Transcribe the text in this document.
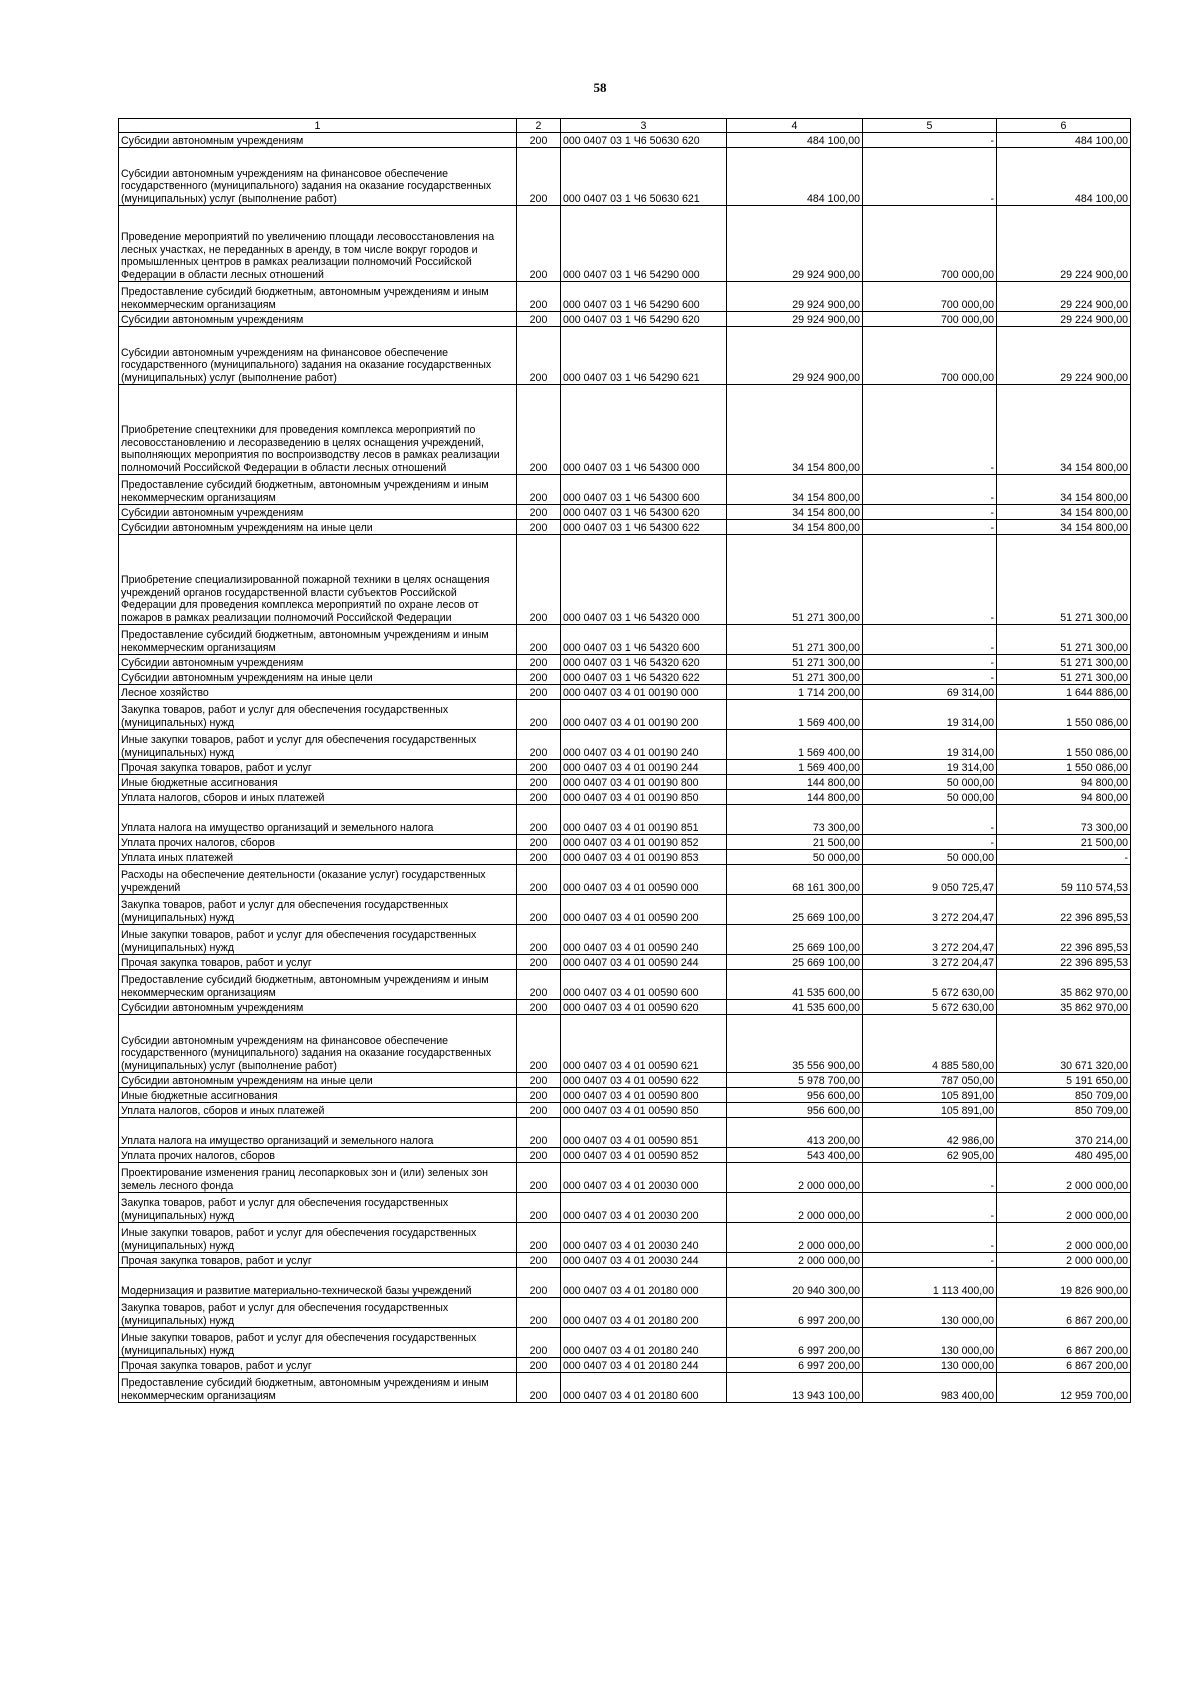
58
1	2	3	4	5	6

Субсидии автономным учреждениям	200	000 0407 03 1 Ч6 50630 620	484 100,00	-	484 100,00

Субсидии автономным учреждениям на финансовое обеспечение государственного (муниципального) задания на оказание государственных (муниципальных) услуг (выполнение работ)	200	000 0407 03 1 Ч6 50630 621	484 100,00	-	484 100,00

Проведение мероприятий по увеличению площади лесовосстановления на лесных участках, не переданных в аренду, в том числе вокруг городов и промышленных центров в рамках реализации полномочий Российской Федерации в области лесных отношений	200	000 0407 03 1 Ч6 54290 000	29 924 900,00	700 000,00	29 224 900,00

Предоставление субсидий бюджетным, автономным учреждениям и иным некоммерческим организациям	200	000 0407 03 1 Ч6 54290 600	29 924 900,00	700 000,00	29 224 900,00

Субсидии автономным учреждениям	200	000 0407 03 1 Ч6 54290 620	29 924 900,00	700 000,00	29 224 900,00

Субсидии автономным учреждениям на финансовое обеспечение государственного (муниципального) задания на оказание государственных (муниципальных) услуг (выполнение работ)	200	000 0407 03 1 Ч6 54290 621	29 924 900,00	700 000,00	29 224 900,00

Приобретение спецтехники для проведения комплекса мероприятий по лесовосстановлению и лесоразведению в целях оснащения учреждений, выполняющих мероприятия по воспроизводству лесов в рамках реализации полномочий Российской Федерации в области лесных отношений	200	000 0407 03 1 Ч6 54300 000	34 154 800,00	-	34 154 800,00

Предоставление субсидий бюджетным, автономным учреждениям и иным некоммерческим организациям	200	000 0407 03 1 Ч6 54300 600	34 154 800,00	-	34 154 800,00

Субсидии автономным учреждениям	200	000 0407 03 1 Ч6 54300 620	34 154 800,00	-	34 154 800,00

Субсидии автономным учреждениям на иные цели	200	000 0407 03 1 Ч6 54300 622	34 154 800,00	-	34 154 800,00

Приобретение специализированной пожарной техники в целях оснащения учреждений органов государственной власти субъектов Российской Федерации для проведения комплекса мероприятий по охране лесов от пожаров в рамках реализации полномочий Российской Федерации	200	000 0407 03 1 Ч6 54320 000	51 271 300,00	-	51 271 300,00

Предоставление субсидий бюджетным, автономным учреждениям и иным некоммерческим организациям	200	000 0407 03 1 Ч6 54320 600	51 271 300,00	-	51 271 300,00

Субсидии автономным учреждениям	200	000 0407 03 1 Ч6 54320 620	51 271 300,00	-	51 271 300,00

Субсидии автономным учреждениям на иные цели	200	000 0407 03 1 Ч6 54320 622	51 271 300,00	-	51 271 300,00

Лесное хозяйство	200	000 0407 03 4 01 00190 000	1 714 200,00	69 314,00	1 644 886,00

Закупка товаров, работ и услуг для обеспечения государственных (муниципальных) нужд	200	000 0407 03 4 01 00190 200	1 569 400,00	19 314,00	1 550 086,00

Иные закупки товаров, работ и услуг для обеспечения государственных (муниципальных) нужд	200	000 0407 03 4 01 00190 240	1 569 400,00	19 314,00	1 550 086,00

Прочая закупка товаров, работ и услуг	200	000 0407 03 4 01 00190 244	1 569 400,00	19 314,00	1 550 086,00

Иные бюджетные ассигнования	200	000 0407 03 4 01 00190 800	144 800,00	50 000,00	94 800,00

Уплата налогов, сборов и иных платежей	200	000 0407 03 4 01 00190 850	144 800,00	50 000,00	94 800,00

Уплата налога на имущество организаций и земельного налога	200	000 0407 03 4 01 00190 851	73 300,00	-	73 300,00

Уплата прочих налогов, сборов	200	000 0407 03 4 01 00190 852	21 500,00	-	21 500,00

Уплата иных платежей	200	000 0407 03 4 01 00190 853	50 000,00	50 000,00	-

Расходы на обеспечение деятельности (оказание услуг) государственных учреждений	200	000 0407 03 4 01 00590 000	68 161 300,00	9 050 725,47	59 110 574,53

Закупка товаров, работ и услуг для обеспечения государственных (муниципальных) нужд	200	000 0407 03 4 01 00590 200	25 669 100,00	3 272 204,47	22 396 895,53

Иные закупки товаров, работ и услуг для обеспечения государственных (муниципальных) нужд	200	000 0407 03 4 01 00590 240	25 669 100,00	3 272 204,47	22 396 895,53

Прочая закупка товаров, работ и услуг	200	000 0407 03 4 01 00590 244	25 669 100,00	3 272 204,47	22 396 895,53

Предоставление субсидий бюджетным, автономным учреждениям и иным некоммерческим организациям	200	000 0407 03 4 01 00590 600	41 535 600,00	5 672 630,00	35 862 970,00

Субсидии автономным учреждениям	200	000 0407 03 4 01 00590 620	41 535 600,00	5 672 630,00	35 862 970,00

Субсидии автономным учреждениям на финансовое обеспечение государственного (муниципального) задания на оказание государственных (муниципальных) услуг (выполнение работ)	200	000 0407 03 4 01 00590 621	35 556 900,00	4 885 580,00	30 671 320,00

Субсидии автономным учреждениям на иные цели	200	000 0407 03 4 01 00590 622	5 978 700,00	787 050,00	5 191 650,00

Иные бюджетные ассигнования	200	000 0407 03 4 01 00590 800	956 600,00	105 891,00	850 709,00

Уплата налогов, сборов и иных платежей	200	000 0407 03 4 01 00590 850	956 600,00	105 891,00	850 709,00

Уплата налога на имущество организаций и земельного налога	200	000 0407 03 4 01 00590 851	413 200,00	42 986,00	370 214,00

Уплата прочих налогов, сборов	200	000 0407 03 4 01 00590 852	543 400,00	62 905,00	480 495,00

Проектирование изменения границ лесопарковых зон и (или) зеленых зон земель лесного фонда	200	000 0407 03 4 01 20030 000	2 000 000,00	-	2 000 000,00

Закупка товаров, работ и услуг для обеспечения государственных (муниципальных) нужд	200	000 0407 03 4 01 20030 200	2 000 000,00	-	2 000 000,00

Иные закупки товаров, работ и услуг для обеспечения государственных (муниципальных) нужд	200	000 0407 03 4 01 20030 240	2 000 000,00	-	2 000 000,00

Прочая закупка товаров, работ и услуг	200	000 0407 03 4 01 20030 244	2 000 000,00	-	2 000 000,00

Модернизация и развитие материально-технической базы учреждений	200	000 0407 03 4 01 20180 000	20 940 300,00	1 113 400,00	19 826 900,00

Закупка товаров, работ и услуг для обеспечения государственных (муниципальных) нужд	200	000 0407 03 4 01 20180 200	6 997 200,00	130 000,00	6 867 200,00

Иные закупки товаров, работ и услуг для обеспечения государственных (муниципальных) нужд	200	000 0407 03 4 01 20180 240	6 997 200,00	130 000,00	6 867 200,00

Прочая закупка товаров, работ и услуг	200	000 0407 03 4 01 20180 244	6 997 200,00	130 000,00	6 867 200,00

Предоставление субсидий бюджетным, автономным учреждениям и иным некоммерческим организациям	200	000 0407 03 4 01 20180 600	13 943 100,00	983 400,00	12 959 700,00
